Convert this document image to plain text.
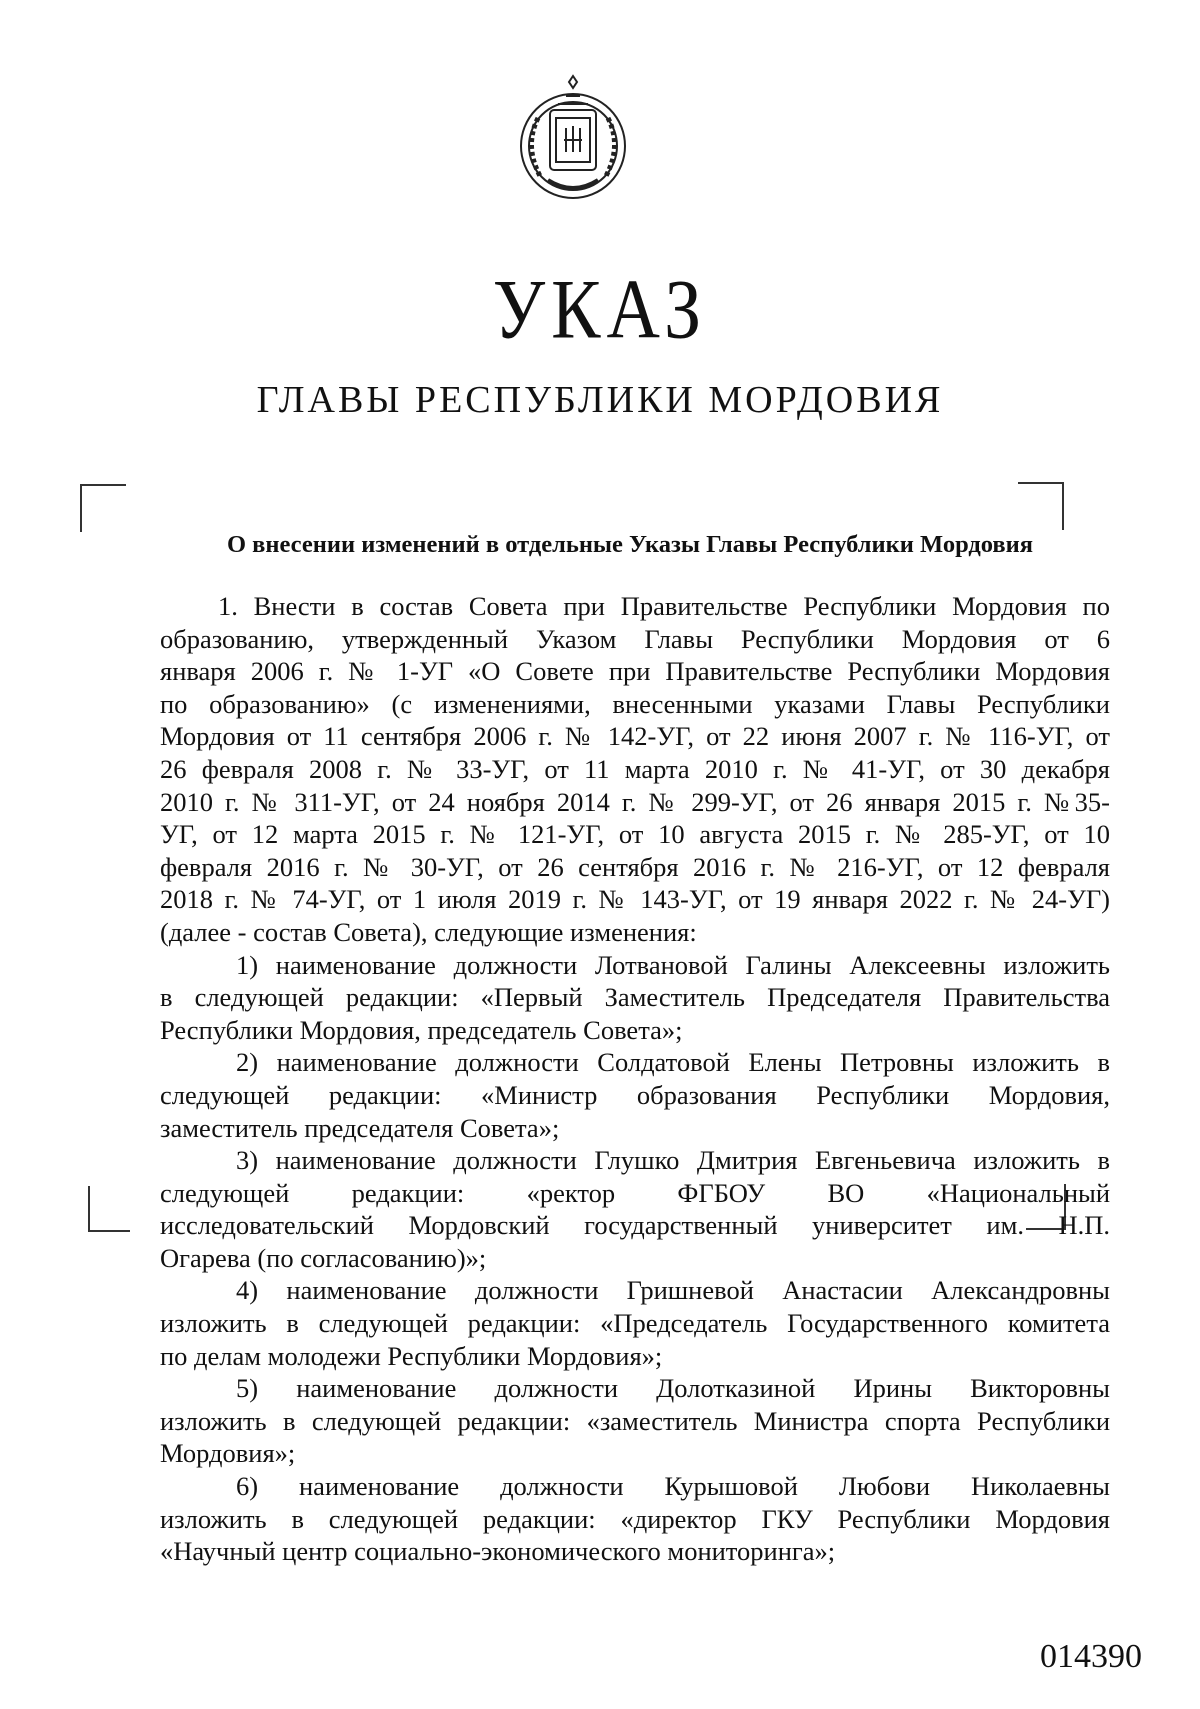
УКАЗ
ГЛАВЫ РЕСПУБЛИКИ МОРДОВИЯ
О внесении изменений в отдельные Указы Главы Республики Мордовия

1. Внести в состав Совета при Правительстве Республики Мордовия по

образованию, утвержденный Указом Главы Республики Мордовия от 6

января 2006 г. № 1-УГ «О Совете при Правительстве Республики Мордовия

по образованию» (с изменениями, внесенными указами Главы Республики

Мордовия от 11 сентября 2006 г. № 142-УГ, от 22 июня 2007 г. № 116-УГ, от

26 февраля 2008 г. № 33-УГ, от 11 марта 2010 г. № 41-УГ, от 30 декабря

2010 г. № 311-УГ, от 24 ноября 2014 г. № 299-УГ, от 26 января 2015 г. №35-

УГ, от 12 марта 2015 г. № 121-УГ, от 10 августа 2015 г. № 285-УГ, от 10

февраля 2016 г. № 30-УГ, от 26 сентября 2016 г. № 216-УГ, от 12 февраля

2018 г. № 74-УГ, от 1 июля 2019 г. № 143-УГ, от 19 января 2022 г. № 24-УГ)

(далее - состав Совета), следующие изменения:

1) наименование должности Лотвановой Галины Алексеевны изложить

в следующей редакции: «Первый Заместитель Председателя Правительства

Республики Мордовия, председатель Совета»;

2) наименование должности Солдатовой Елены Петровны изложить в

следующей редакции: «Министр образования Республики Мордовия,

заместитель председателя Совета»;

3) наименование должности Глушко Дмитрия Евгеньевича изложить в

следующей редакции: «ректор ФГБОУ ВО «Национальный

исследовательский Мордовский государственный университет им. Н.П.

Огарева (по согласованию)»;

4) наименование должности Гришневой Анастасии Александровны

изложить в следующей редакции: «Председатель Государственного комитета

по делам молодежи Республики Мордовия»;

5) наименование должности Долотказиной Ирины Викторовны

изложить в следующей редакции: «заместитель Министра спорта Республики

Мордовия»;

6) наименование должности Курышовой Любови Николаевны

изложить в следующей редакции: «директор ГКУ Республики Мордовия

«Научный центр социально-экономического мониторинга»;

014390
